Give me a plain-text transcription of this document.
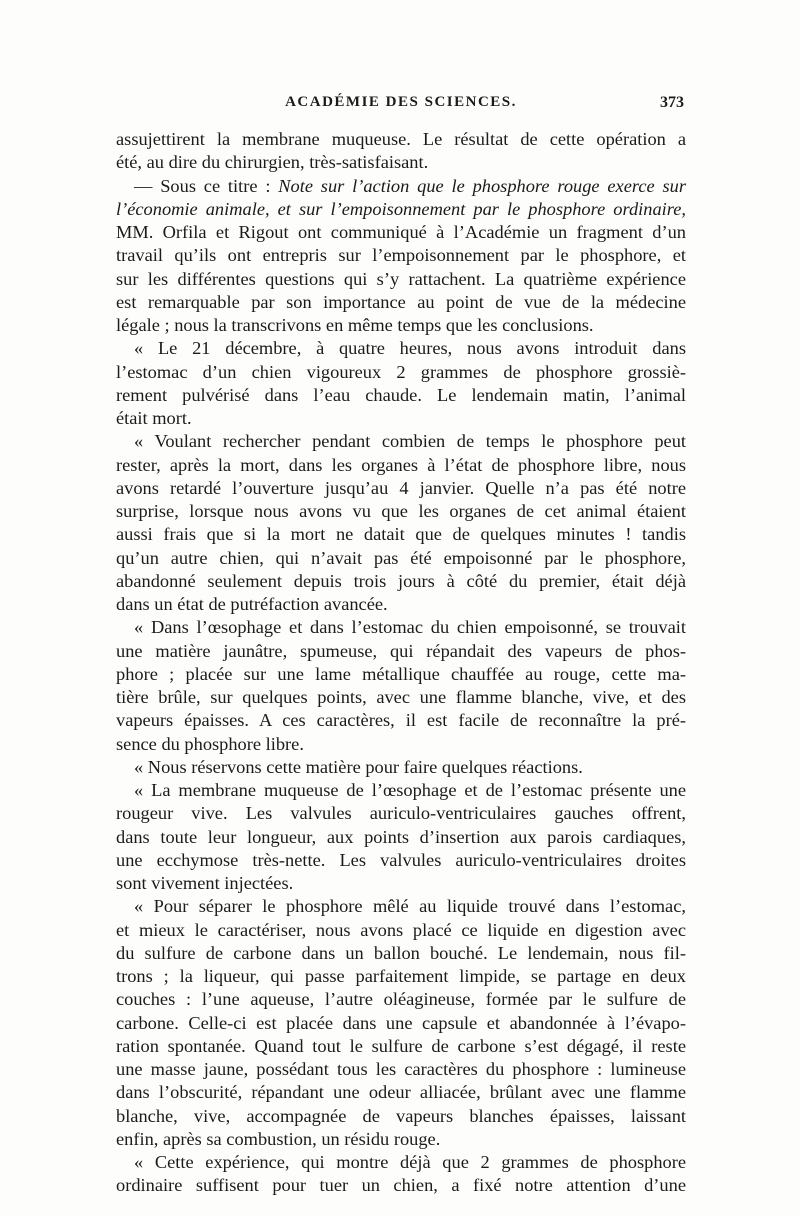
ACADÉMIE DES SCIENCES.	373
assujettirent la membrane muqueuse. Le résultat de cette opération a
été, au dire du chirurgien, très-satisfaisant.
— Sous ce titre : Note sur l’action que le phosphore rouge exerce sur
l’économie animale, et sur l’empoisonnement par le phosphore ordinaire,
MM. Orfila et Rigout ont communiqué à l’Académie un fragment d’un
travail qu’ils ont entrepris sur l’empoisonnement par le phosphore, et
sur les différentes questions qui s’y rattachent. La quatrième expérience
est remarquable par son importance au point de vue de la médecine
légale ; nous la transcrivons en même temps que les conclusions.
« Le 21 décembre, à quatre heures, nous avons introduit dans
l’estomac d’un chien vigoureux 2 grammes de phosphore grossiè-
rement pulvérisé dans l’eau chaude. Le lendemain matin, l’animal
était mort.
« Voulant rechercher pendant combien de temps le phosphore peut
rester, après la mort, dans les organes à l’état de phosphore libre, nous
avons retardé l’ouverture jusqu’au 4 janvier. Quelle n’a pas été notre
surprise, lorsque nous avons vu que les organes de cet animal étaient
aussi frais que si la mort ne datait que de quelques minutes ! tandis
qu’un autre chien, qui n’avait pas été empoisonné par le phosphore,
abandonné seulement depuis trois jours à côté du premier, était déjà
dans un état de putréfaction avancée.
« Dans l’œsophage et dans l’estomac du chien empoisonné, se trouvait
une matière jaunâtre, spumeuse, qui répandait des vapeurs de phos-
phore ; placée sur une lame métallique chauffée au rouge, cette ma-
tière brûle, sur quelques points, avec une flamme blanche, vive, et des
vapeurs épaisses. A ces caractères, il est facile de reconnaître la pré-
sence du phosphore libre.
« Nous réservons cette matière pour faire quelques réactions.
« La membrane muqueuse de l’œsophage et de l’estomac présente une
rougeur vive. Les valvules auriculo-ventriculaires gauches offrent,
dans toute leur longueur, aux points d’insertion aux parois cardiaques,
une ecchymose très-nette. Les valvules auriculo-ventriculaires droites
sont vivement injectées.
« Pour séparer le phosphore mêlé au liquide trouvé dans l’estomac,
et mieux le caractériser, nous avons placé ce liquide en digestion avec
du sulfure de carbone dans un ballon bouché. Le lendemain, nous fil-
trons ; la liqueur, qui passe parfaitement limpide, se partage en deux
couches : l’une aqueuse, l’autre oléagineuse, formée par le sulfure de
carbone. Celle-ci est placée dans une capsule et abandonnée à l’évapo-
ration spontanée. Quand tout le sulfure de carbone s’est dégagé, il reste
une masse jaune, possédant tous les caractères du phosphore : lumineuse
dans l’obscurité, répandant une odeur alliacée, brûlant avec une flamme
blanche, vive, accompagnée de vapeurs blanches épaisses, laissant
enfin, après sa combustion, un résidu rouge.
« Cette expérience, qui montre déjà que 2 grammes de phosphore
ordinaire suffisent pour tuer un chien, a fixé notre attention d’une
